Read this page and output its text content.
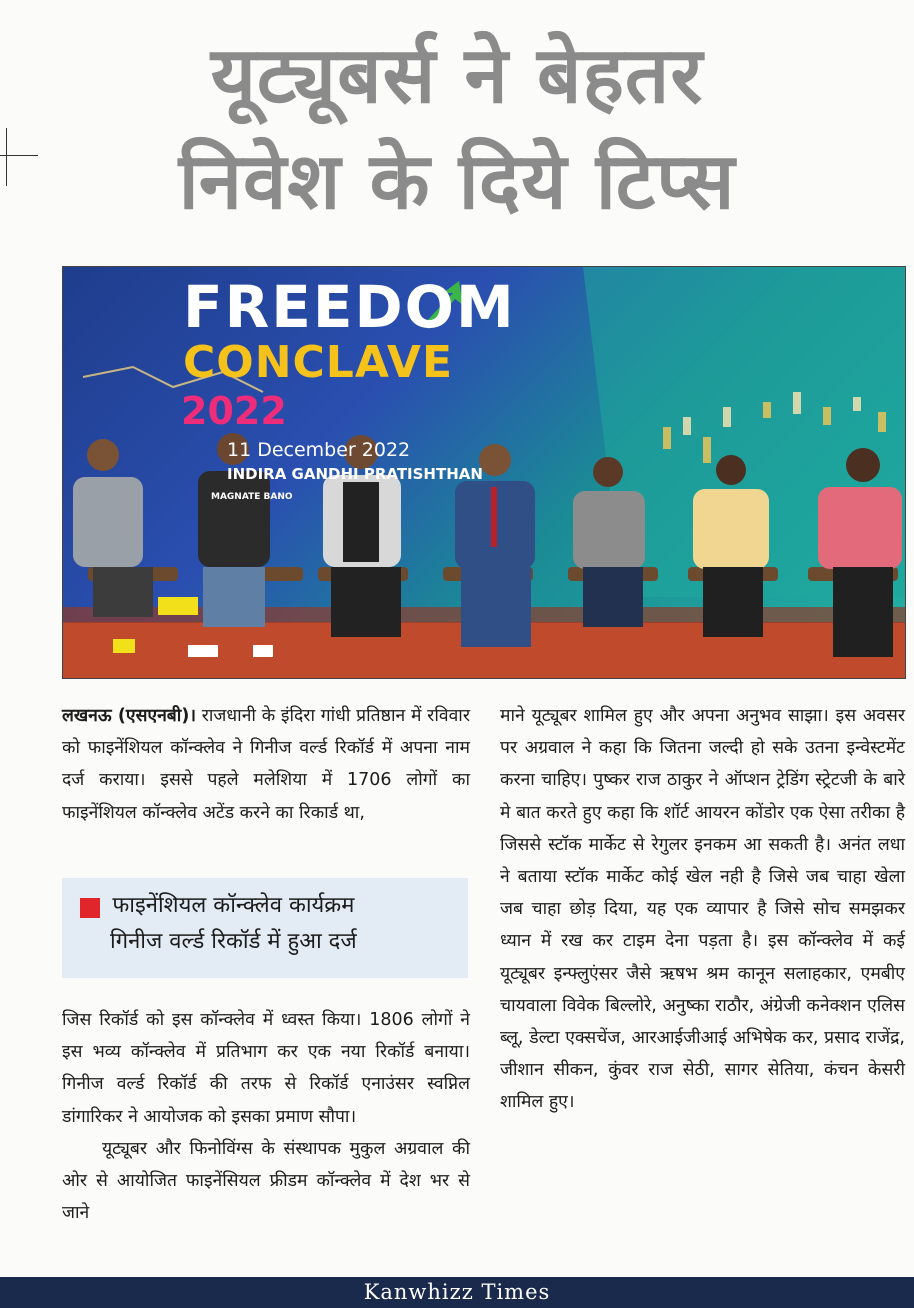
यूट्यूबर्स ने बेहतर
निवेश के दिये टिप्स
MAGNATE BANO
FREEDOM
CONCLAVE
2022
11 December 2022
INDIRA GANDHI PRATISHTHAN
लखनऊ (एसएनबी)। राजधानी के इंदिरा गांधी प्रतिष्ठान में रविवार को फाइनेंशियल कॉन्क्लेव ने गिनीज वर्ल्ड रिकॉर्ड में अपना नाम दर्ज कराया। इससे पहले मलेशिया में 1706 लोगों का फाइनेंशियल कॉन्क्लेव अटेंड करने का रिकार्ड था,
फाइनेंशियल कॉन्क्लेव कार्यक्रम
गिनीज वर्ल्ड रिकॉर्ड में हुआ दर्ज

जिस रिकॉर्ड को इस कॉन्क्लेव में ध्वस्त किया। 1806 लोगों ने इस भव्य कॉन्क्लेव में प्रतिभाग कर एक नया रिकॉर्ड बनाया। गिनीज वर्ल्ड रिकॉर्ड की तरफ से रिकॉर्ड एनाउंसर स्वप्निल डांगारिकर ने आयोजक को इसका प्रमाण सौपा।

यूट्यूबर और फिनोविंग्स के संस्थापक मुकुल अग्रवाल की ओर से आयोजित फाइनेंसियल फ्रीडम कॉन्क्लेव में देश भर से जाने

माने यूट्यूबर शामिल हुए और अपना अनुभव साझा। इस अवसर पर अग्रवाल ने कहा कि जितना जल्दी हो सके उतना इन्वेस्टमेंट करना चाहिए। पुष्कर राज ठाकुर ने ऑप्शन ट्रेडिंग स्ट्रेटजी के बारे मे बात करते हुए कहा कि शॉर्ट आयरन कोंडोर एक ऐसा तरीका है जिससे स्टॉक मार्केट से रेगुलर इनकम आ सकती है। अनंत लधा ने बताया स्टॉक मार्केट कोई खेल नही है जिसे जब चाहा खेला जब चाहा छोड़ दिया, यह एक व्यापार है जिसे सोच समझकर ध्यान में रख कर टाइम देना पड़ता है। इस कॉन्क्लेव में कई यूट्यूबर इन्फ्लुएंसर जैसे ऋषभ श्रम कानून सलाहकार, एमबीए चायवाला विवेक बिल्लोरे, अनुष्का राठौर, अंग्रेजी कनेक्शन एलिस ब्लू, डेल्टा एक्सचेंज, आरआईजीआई अभिषेक कर, प्रसाद राजेंद्र, जीशान सीकन, कुंवर राज सेठी, सागर सेतिया, कंचन केसरी शामिल हुए।

Kanwhizz Times
